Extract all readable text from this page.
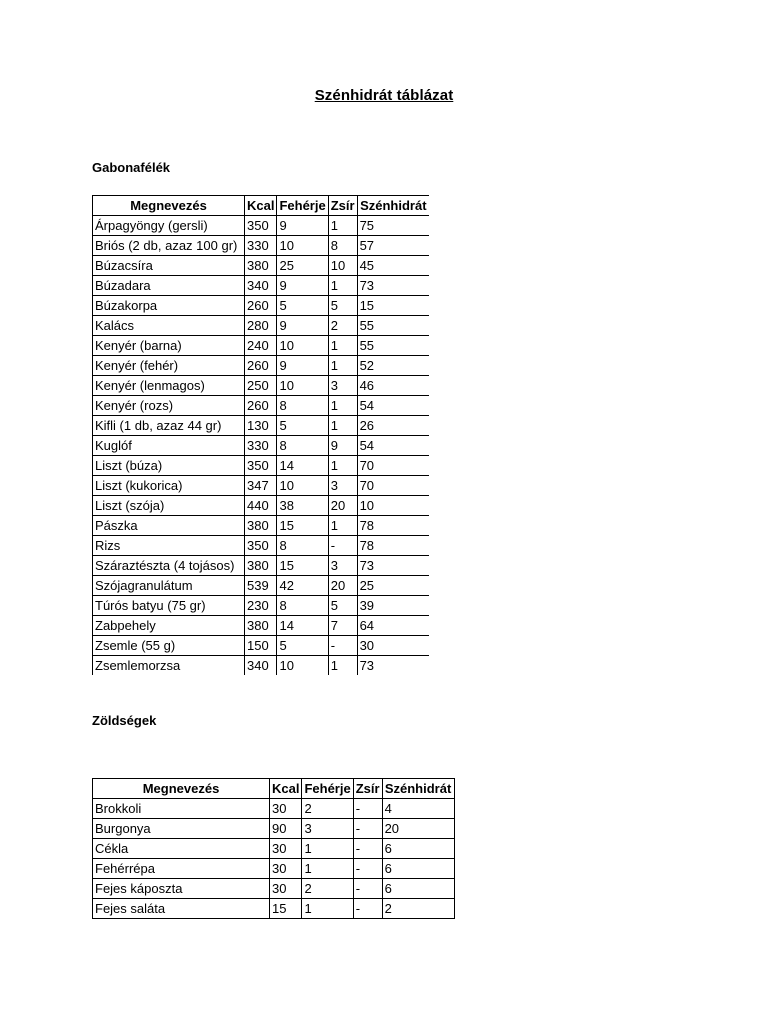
Szénhidrát táblázat
Gabonafélék
Megnevezés	Kcal	Fehérje	Zsír	Szénhidrát
Árpagyöngy (gersli)	350	9	1	75
Briós (2 db, azaz 100 gr)	330	10	8	57
Búzacsíra	380	25	10	45
Búzadara	340	9	1	73
Búzakorpa	260	5	5	15
Kalács	280	9	2	55
Kenyér (barna)	240	10	1	55
Kenyér (fehér)	260	9	1	52
Kenyér (lenmagos)	250	10	3	46
Kenyér (rozs)	260	8	1	54
Kifli (1 db, azaz 44 gr)	130	5	1	26
Kuglóf	330	8	9	54
Liszt (búza)	350	14	1	70
Liszt (kukorica)	347	10	3	70
Liszt (szója)	440	38	20	10
Pászka	380	15	1	78
Rizs	350	8	-	78
Száraztészta (4 tojásos)	380	15	3	73
Szójagranulátum	539	42	20	25
Túrós batyu (75 gr)	230	8	5	39
Zabpehely	380	14	7	64
Zsemle (55 g)	150	5	-	30
Zsemlemorzsa	340	10	1	73
Zöldségek
Megnevezés	Kcal	Fehérje	Zsír	Szénhidrát
Brokkoli	30	2	-	4
Burgonya	90	3	-	20
Cékla	30	1	-	6
Fehérrépa	30	1	-	6
Fejes káposzta	30	2	-	6
Fejes saláta	15	1	-	2
